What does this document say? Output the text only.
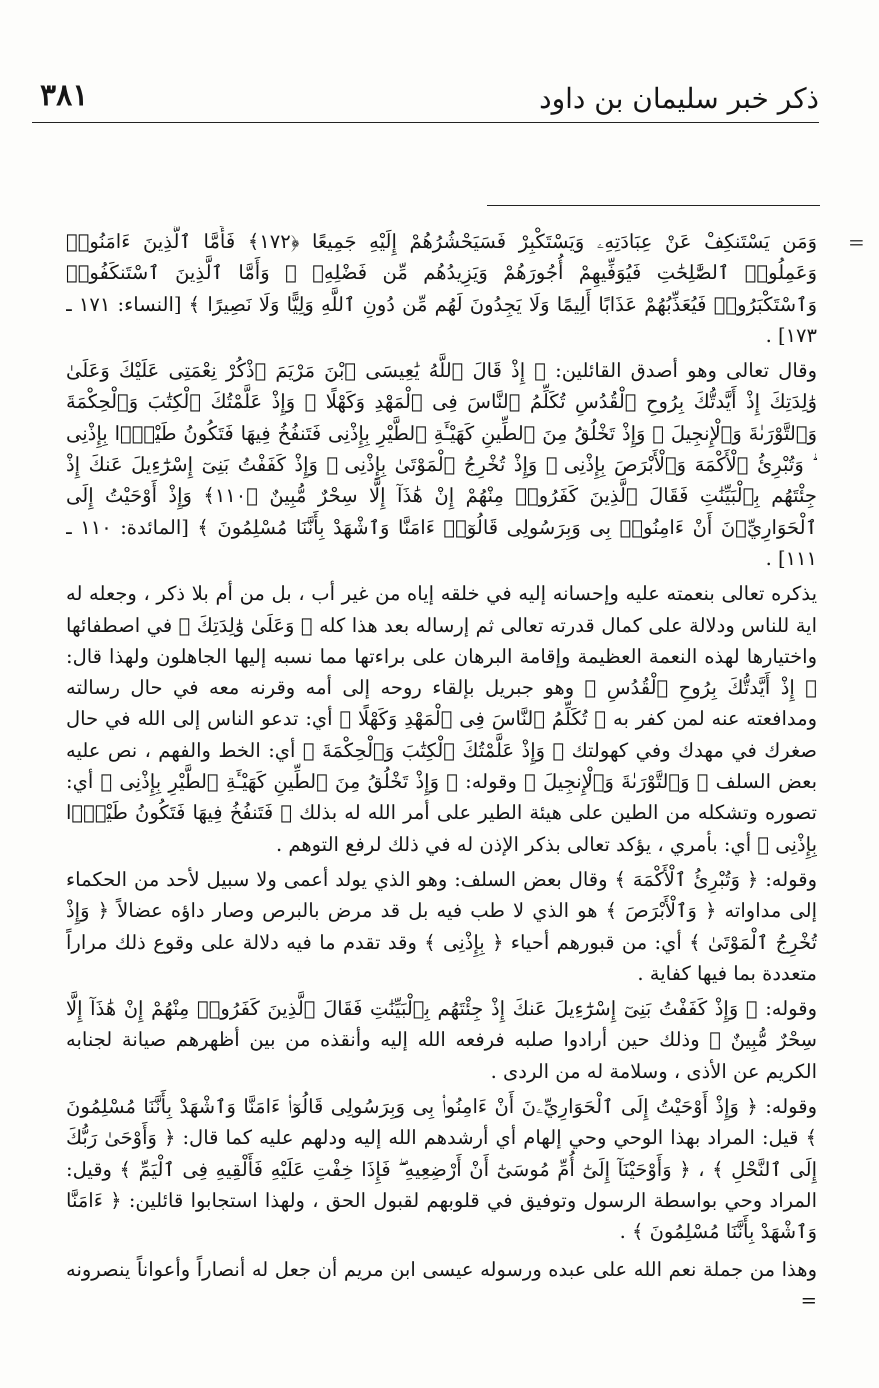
٣٨١	ذكر خبر سليمان بن داود
=

وَمَن يَسْتَنكِفْ عَنْ عِبَادَتِهِۦ وَيَسْتَكْبِرْ فَسَيَحْشُرُهُمْ إِلَيْهِ جَمِيعًا ﴿١٧٢﴾ فَأَمَّا ٱلَّذِينَ ءَامَنُوا۟ وَعَمِلُوا۟ ٱلصَّٰلِحَٰتِ فَيُوَفِّيهِمْ أُجُورَهُمْ وَيَزِيدُهُم مِّن فَضْلِهِۦ ۖ وَأَمَّا ٱلَّذِينَ ٱسْتَنكَفُوا۟ وَٱسْتَكْبَرُوا۟ فَيُعَذِّبُهُمْ عَذَابًا أَلِيمًا وَلَا يَجِدُونَ لَهُم مِّن دُونِ ٱللَّهِ وَلِيًّا وَلَا نَصِيرًا ﴾ [النساء: ١٧١ ـ ١٧٣] .

وقال تعالى وهو أصدق القائلين: ﴿ إِذْ قَالَ ٱللَّهُ يَٰعِيسَى ٱبْنَ مَرْيَمَ ٱذْكُرْ نِعْمَتِى عَلَيْكَ وَعَلَىٰ وَٰلِدَتِكَ إِذْ أَيَّدتُّكَ بِرُوحِ ٱلْقُدُسِ تُكَلِّمُ ٱلنَّاسَ فِى ٱلْمَهْدِ وَكَهْلًا ۖ وَإِذْ عَلَّمْتُكَ ٱلْكِتَٰبَ وَٱلْحِكْمَةَ وَٱلتَّوْرَىٰةَ وَٱلْإِنجِيلَ ۖ وَإِذْ تَخْلُقُ مِنَ ٱلطِّينِ كَهَيْـَٔةِ ٱلطَّيْرِ بِإِذْنِى فَتَنفُخُ فِيهَا فَتَكُونُ طَيْرًۢا بِإِذْنِى ۖ وَتُبْرِئُ ٱلْأَكْمَهَ وَٱلْأَبْرَصَ بِإِذْنِى ۖ وَإِذْ تُخْرِجُ ٱلْمَوْتَىٰ بِإِذْنِى ۖ وَإِذْ كَفَفْتُ بَنِىٓ إِسْرَٰٓءِيلَ عَنكَ إِذْ جِئْتَهُم بِٱلْبَيِّنَٰتِ فَقَالَ ٱلَّذِينَ كَفَرُوا۟ مِنْهُمْ إِنْ هَٰذَآ إِلَّا سِحْرٌ مُّبِينٌ ﴿١١٠﴾ وَإِذْ أَوْحَيْتُ إِلَى ٱلْحَوَارِيِّۦنَ أَنْ ءَامِنُوا۟ بِى وَبِرَسُولِى قَالُوٓا۟ ءَامَنَّا وَٱشْهَدْ بِأَنَّنَا مُسْلِمُونَ ﴾ [المائدة: ١١٠ ـ ١١١] .

يذكره تعالى بنعمته عليه وإحسانه إليه في خلقه إياه من غير أب ، بل من أم بلا ذكر ، وجعله له اية للناس ودلالة على كمال قدرته تعالى ثم إرساله بعد هذا كله ﴿ وَعَلَىٰ وَٰلِدَتِكَ ﴾ في اصطفائها واختيارها لهذه النعمة العظيمة وإقامة البرهان على براءتها مما نسبه إليها الجاهلون ولهذا قال: ﴿ إِذْ أَيَّدتُّكَ بِرُوحِ ٱلْقُدُسِ ﴾ وهو جبريل بإلقاء روحه إلى أمه وقرنه معه في حال رسالته ومدافعته عنه لمن كفر به ﴿ تُكَلِّمُ ٱلنَّاسَ فِى ٱلْمَهْدِ وَكَهْلًا ﴾ أي: تدعو الناس إلى الله في حال صغرك في مهدك وفي كهولتك ﴿ وَإِذْ عَلَّمْتُكَ ٱلْكِتَٰبَ وَٱلْحِكْمَةَ ﴾ أي: الخط والفهم ، نص عليه بعض السلف ﴿ وَٱلتَّوْرَىٰةَ وَٱلْإِنجِيلَ ﴾ وقوله: ﴿ وَإِذْ تَخْلُقُ مِنَ ٱلطِّينِ كَهَيْـَٔةِ ٱلطَّيْرِ بِإِذْنِى ﴾ أي: تصوره وتشكله من الطين على هيئة الطير على أمر الله له بذلك ﴿ فَتَنفُخُ فِيهَا فَتَكُونُ طَيْرًۢا بِإِذْنِى ﴾ أي: بأمري ، يؤكد تعالى بذكر الإذن له في ذلك لرفع التوهم .

وقوله: ﴿ وَتُبْرِئُ ٱلْأَكْمَهَ ﴾ وقال بعض السلف: وهو الذي يولد أعمى ولا سبيل لأحد من الحكماء إلى مداواته ﴿ وَٱلْأَبْرَصَ ﴾ هو الذي لا طب فيه بل قد مرض بالبرص وصار داؤه عضالاً ﴿ وَإِذْ تُخْرِجُ ٱلْمَوْتَىٰ ﴾ أي: من قبورهم أحياء ﴿ بِإِذْنِى ﴾ وقد تقدم ما فيه دلالة على وقوع ذلك مراراً متعددة بما فيها كفاية .

وقوله: ﴿ وَإِذْ كَفَفْتُ بَنِىٓ إِسْرَٰٓءِيلَ عَنكَ إِذْ جِئْتَهُم بِٱلْبَيِّنَٰتِ فَقَالَ ٱلَّذِينَ كَفَرُوا۟ مِنْهُمْ إِنْ هَٰذَآ إِلَّا سِحْرٌ مُّبِينٌ ﴾ وذلك حين أرادوا صلبه فرفعه الله إليه وأنقذه من بين أظهرهم صيانة لجنابه الكريم عن الأذى ، وسلامة له من الردى .

وقوله: ﴿ وَإِذْ أَوْحَيْتُ إِلَى ٱلْحَوَارِيِّۦنَ أَنْ ءَامِنُوا۟ بِى وَبِرَسُولِى قَالُوٓا۟ ءَامَنَّا وَٱشْهَدْ بِأَنَّنَا مُسْلِمُونَ ﴾ قيل: المراد بهذا الوحي وحي إلهام أي أرشدهم الله إليه ودلهم عليه كما قال: ﴿ وَأَوْحَىٰ رَبُّكَ إِلَى ٱلنَّحْلِ ﴾ ، ﴿ وَأَوْحَيْنَآ إِلَىٰٓ أُمِّ مُوسَىٰٓ أَنْ أَرْضِعِيهِ ۖ فَإِذَا خِفْتِ عَلَيْهِ فَأَلْقِيهِ فِى ٱلْيَمِّ ﴾ وقيل: المراد وحي بواسطة الرسول وتوفيق في قلوبهم لقبول الحق ، ولهذا استجابوا قائلين: ﴿ ءَامَنَّا وَٱشْهَدْ بِأَنَّنَا مُسْلِمُونَ ﴾ .

وهذا من جملة نعم الله على عبده ورسوله عيسى ابن مريم أن جعل له أنصاراً وأعواناً ينصرونه =
